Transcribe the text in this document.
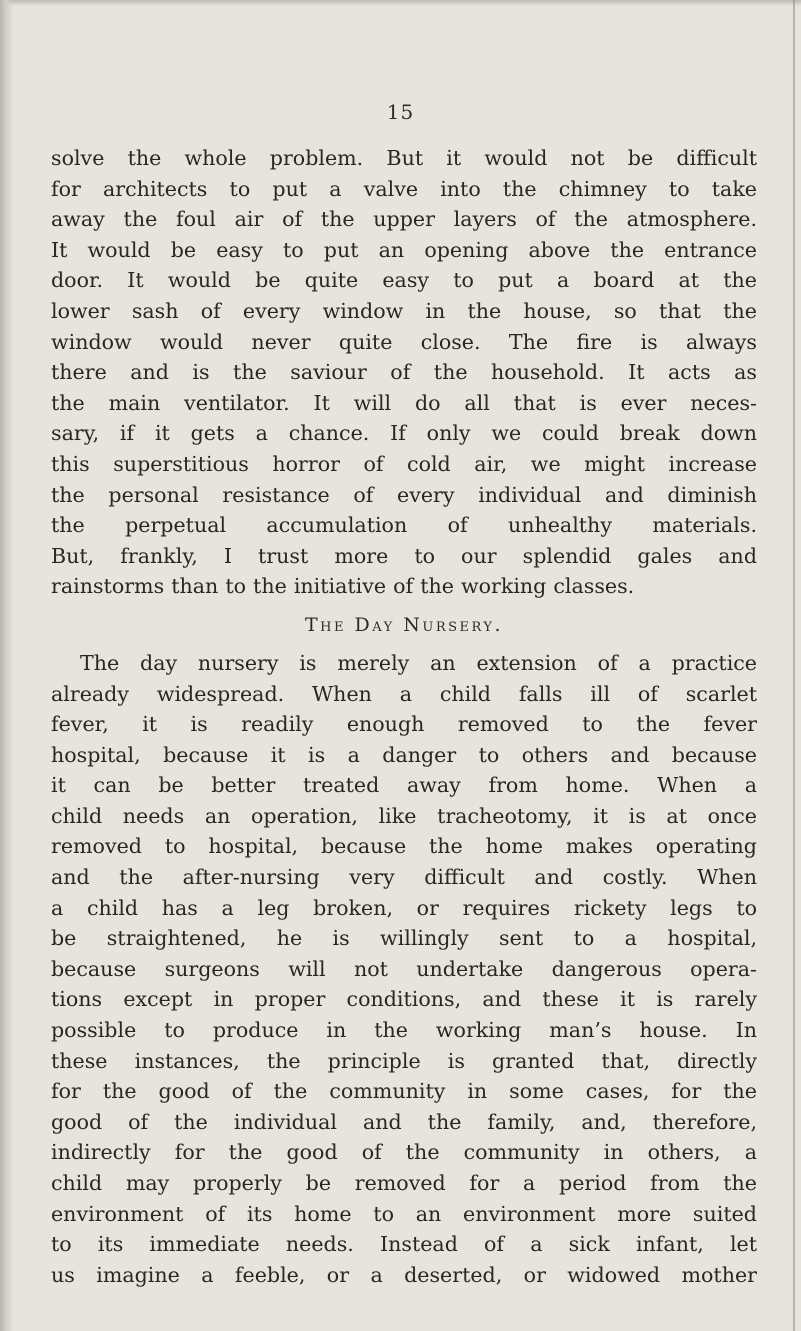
15
solve the whole problem. But it would not be difficult
for architects to put a valve into the chimney to take
away the foul air of the upper layers of the atmosphere.
It would be easy to put an opening above the entrance
door. It would be quite easy to put a board at the
lower sash of every window in the house, so that the
window would never quite close. The fire is always
there and is the saviour of the household. It acts as
the main ventilator. It will do all that is ever neces-
sary, if it gets a chance. If only we could break down
this superstitious horror of cold air, we might increase
the personal resistance of every individual and diminish
the perpetual accumulation of unhealthy materials.
But, frankly, I trust more to our splendid gales and
rainstorms than to the initiative of the working classes.
The Day Nursery.
The day nursery is merely an extension of a practice
already widespread. When a child falls ill of scarlet
fever, it is readily enough removed to the fever
hospital, because it is a danger to others and because
it can be better treated away from home. When a
child needs an operation, like tracheotomy, it is at once
removed to hospital, because the home makes operating
and the after-nursing very difficult and costly. When
a child has a leg broken, or requires rickety legs to
be straightened, he is willingly sent to a hospital,
because surgeons will not undertake dangerous opera-
tions except in proper conditions, and these it is rarely
possible to produce in the working man’s house. In
these instances, the principle is granted that, directly
for the good of the community in some cases, for the
good of the individual and the family, and, therefore,
indirectly for the good of the community in others, a
child may properly be removed for a period from the
environment of its home to an environment more suited
to its immediate needs. Instead of a sick infant, let
us imagine a feeble, or a deserted, or widowed mother
